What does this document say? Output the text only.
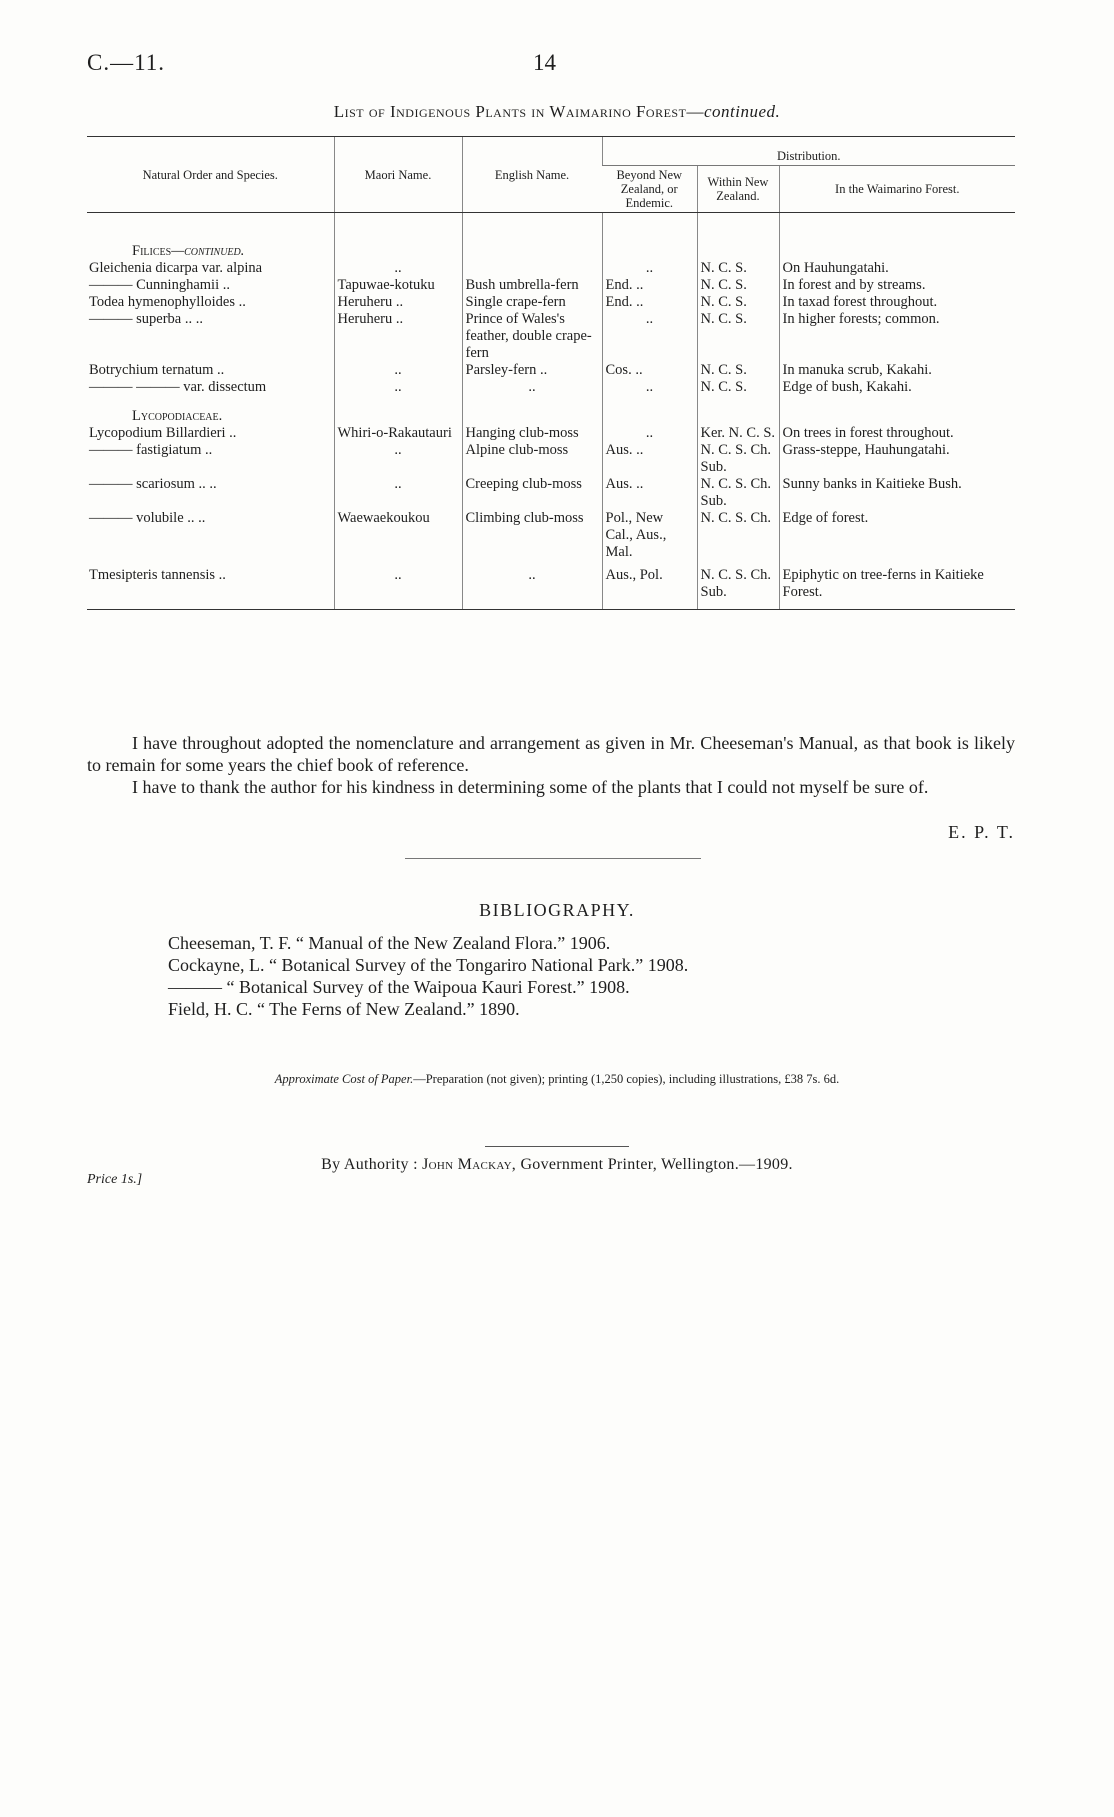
C.—11.	14
List of Indigenous Plants in Waimarino Forest—continued.
Natural Order and Species.	Maori Name.	English Name.	Distribution.		
			Beyond New Zealand, or Endemic.	Within New Zealand.	In the Waimarino Forest.

Filices—continued.					
Gleichenia dicarpa var. alpina	..		..	N. C. S.	On Hauhungatahi.
——— Cunninghamii ..	Tapuwae-kotuku	Bush umbrella-fern	End. ..	N. C. S.	In forest and by streams.
Todea hymenophylloides ..	Heruheru ..	Single crape-fern	End. ..	N. C. S.	In taxad forest throughout.
——— superba .. ..	Heruheru ..	Prince of Wales's feather, double crape-fern	..	N. C. S.	In higher forests; common.
Botrychium ternatum ..	..	Parsley-fern ..	Cos. ..	N. C. S.	In manuka scrub, Kakahi.
——— ——— var. dissectum	..	..	..	N. C. S.	Edge of bush, Kakahi.
Lycopodiaceae.					
Lycopodium Billardieri ..	Whiri-o-Rakautauri	Hanging club-moss	..	Ker. N. C. S.	On trees in forest throughout.
——— fastigiatum ..	..	Alpine club-moss	Aus. ..	N. C. S. Ch. Sub.	Grass-steppe, Hauhungatahi.
——— scariosum .. ..	..	Creeping club-moss	Aus. ..	N. C. S. Ch. Sub.	Sunny banks in Kaitieke Bush.
——— volubile .. ..	Waewaekoukou	Climbing club-moss	Pol., New Cal., Aus., Mal.	N. C. S. Ch.	Edge of forest.
Tmesipteris tannensis ..	..	..	Aus., Pol.	N. C. S. Ch. Sub.	Epiphytic on tree-ferns in Kaitieke Forest.

I have throughout adopted the nomenclature and arrangement as given in Mr. Cheeseman's Manual, as that book is likely to remain for some years the chief book of reference.
I have to thank the author for his kindness in determining some of the plants that I could not myself be sure of.
E. P. T.
BIBLIOGRAPHY.
Cheeseman, T. F. “ Manual of the New Zealand Flora.” 1906.
Cockayne, L. “ Botanical Survey of the Tongariro National Park.” 1908.
——— “ Botanical Survey of the Waipoua Kauri Forest.” 1908.
Field, H. C. “ The Ferns of New Zealand.” 1890.
Approximate Cost of Paper.—Preparation (not given); printing (1,250 copies), including illustrations, £38 7s. 6d.
Price 1s.]
By Authority : John Mackay, Government Printer, Wellington.—1909.
